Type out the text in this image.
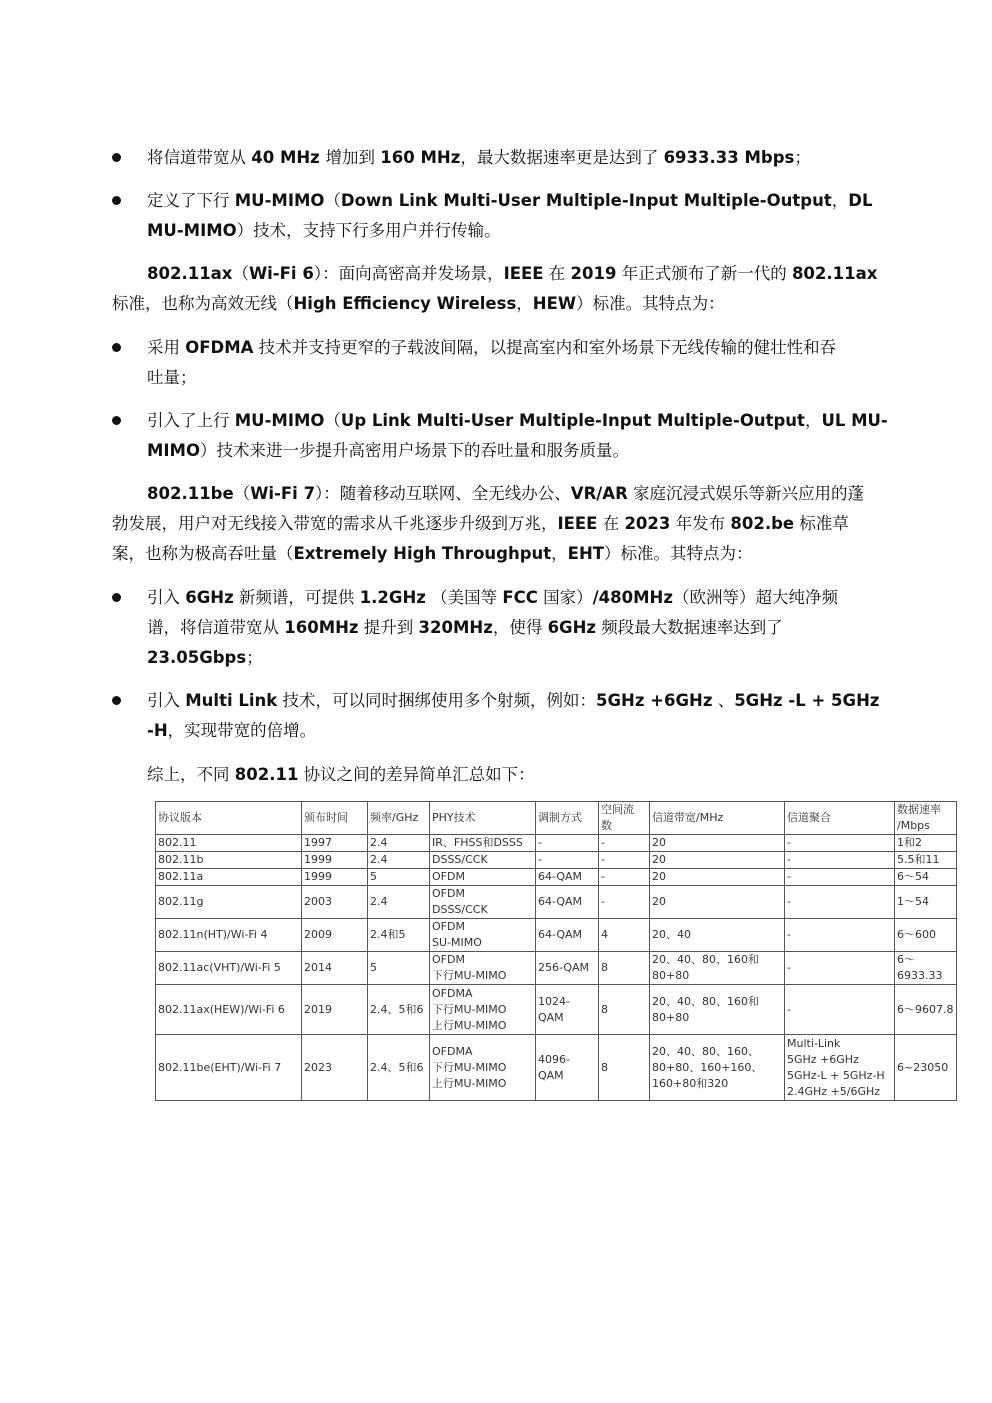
将信道带宽从 40 MHz 增加到 160 MHz，最大数据速率更是达到了 6933.33 Mbps；
定义了下行 MU-MIMO（Down Link Multi-User Multiple-Input Multiple-Output，DL
MU-MIMO）技术，支持下行多用户并行传输。
802.11ax（Wi-Fi 6）：面向高密高并发场景，IEEE 在 2019 年正式颁布了新一代的 802.11ax
标准，也称为高效无线（High Efficiency Wireless，HEW）标准。其特点为：
采用 OFDMA 技术并支持更窄的子载波间隔，以提高室内和室外场景下无线传输的健壮性和吞
吐量；
引入了上行 MU-MIMO（Up Link Multi-User Multiple-Input Multiple-Output，UL MU-
MIMO）技术来进一步提升高密用户场景下的吞吐量和服务质量。
802.11be（Wi-Fi 7）：随着移动互联网、全无线办公、VR/AR 家庭沉浸式娱乐等新兴应用的蓬
勃发展，用户对无线接入带宽的需求从千兆逐步升级到万兆，IEEE 在 2023 年发布 802.be 标准草
案，也称为极高吞吐量（Extremely High Throughput，EHT）标准。其特点为：
引入 6GHz 新频谱，可提供 1.2GHz （美国等 FCC 国家）/480MHz（欧洲等）超大纯净频
谱，将信道带宽从 160MHz 提升到 320MHz，使得 6GHz 频段最大数据速率达到了
23.05Gbps；
引入 Multi Link 技术，可以同时捆绑使用多个射频，例如：5GHz +6GHz 、5GHz -L + 5GHz
-H，实现带宽的倍增。
综上，不同 802.11 协议之间的差异简单汇总如下：
协议版本	颁布时间	频率/GHz	PHY技术	调制方式	空间流
数	信道带宽/MHz	信道聚合	数据速率
/Mbps
802.11	1997	2.4	IR、FHSS和DSSS	-	-	20	-	1和2
802.11b	1999	2.4	DSSS/CCK	-	-	20	-	5.5和11
802.11a	1999	5	OFDM	64-QAM	-	20	-	6～54
802.11g	2003	2.4	OFDM
DSSS/CCK	64-QAM	-	20	-	1～54
802.11n(HT)/Wi-Fi 4	2009	2.4和5	OFDM
SU-MIMO	64-QAM	4	20、40	-	6～600
802.11ac(VHT)/Wi-Fi 5	2014	5	OFDM
下行MU-MIMO	256-QAM	8	20、40、80、160和
80+80	-	6～
6933.33
802.11ax(HEW)/Wi-Fi 6	2019	2.4、5和6	OFDMA
下行MU-MIMO
上行MU-MIMO	1024-QAM	8	20、40、80、160和
80+80	-	6～9607.8
802.11be(EHT)/Wi-Fi 7	2023	2.4、5和6	OFDMA
下行MU-MIMO
上行MU-MIMO	4096-QAM	8	20、40、80、160、
80+80、160+160、
160+80和320	Multi-Link
5GHz +6GHz
5GHz-L + 5GHz-H
2.4GHz +5/6GHz	6~23050
